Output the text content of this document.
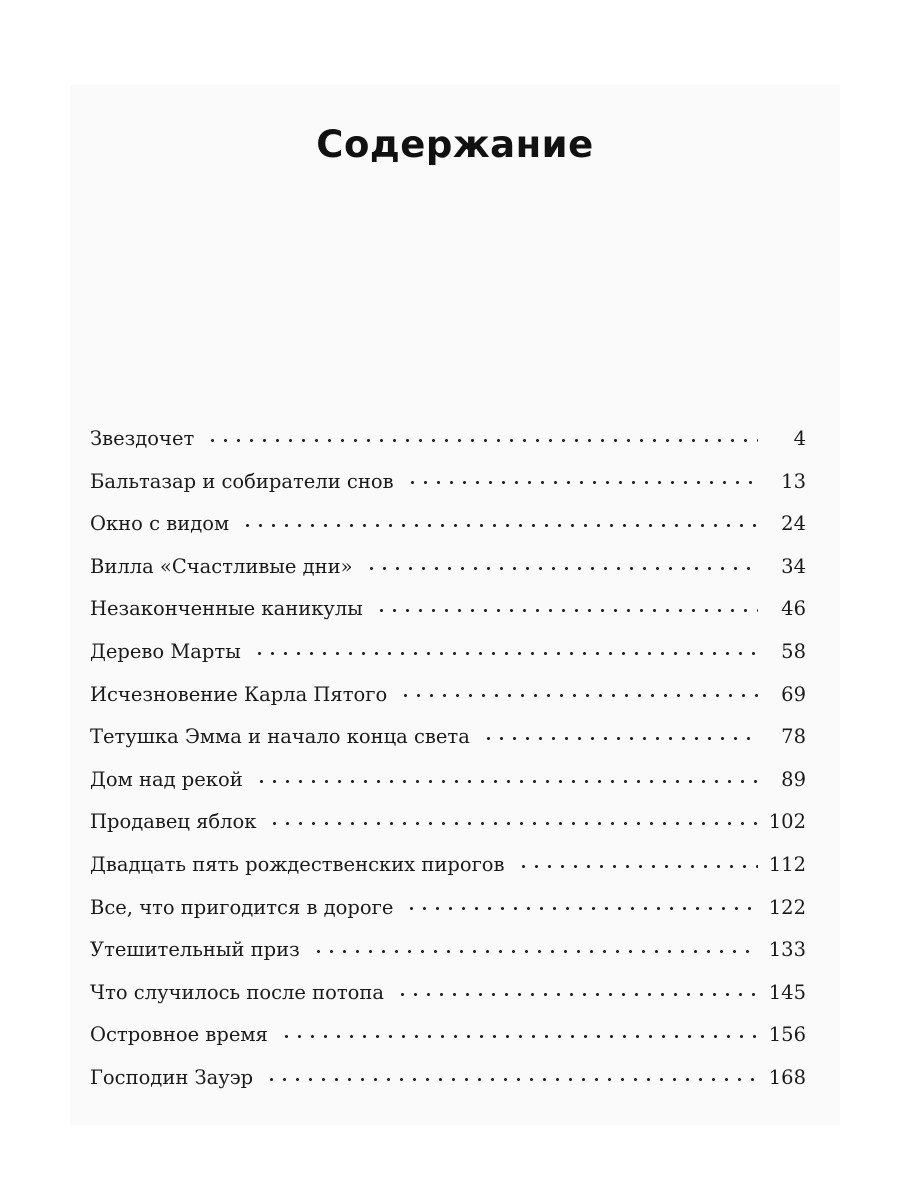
Содержание
Звездочет	4
Бальтазар и собиратели снов	13
Окно с видом	24
Вилла «Счастливые дни»	34
Незаконченные каникулы	46
Дерево Марты	58
Исчезновение Карла Пятого	69
Тетушка Эмма и начало конца света	78
Дом над рекой	89
Продавец яблок	102
Двадцать пять рождественских пирогов	112
Все, что пригодится в дороге	122
Утешительный приз	133
Что случилось после потопа	145
Островное время	156
Господин Зауэр	168
